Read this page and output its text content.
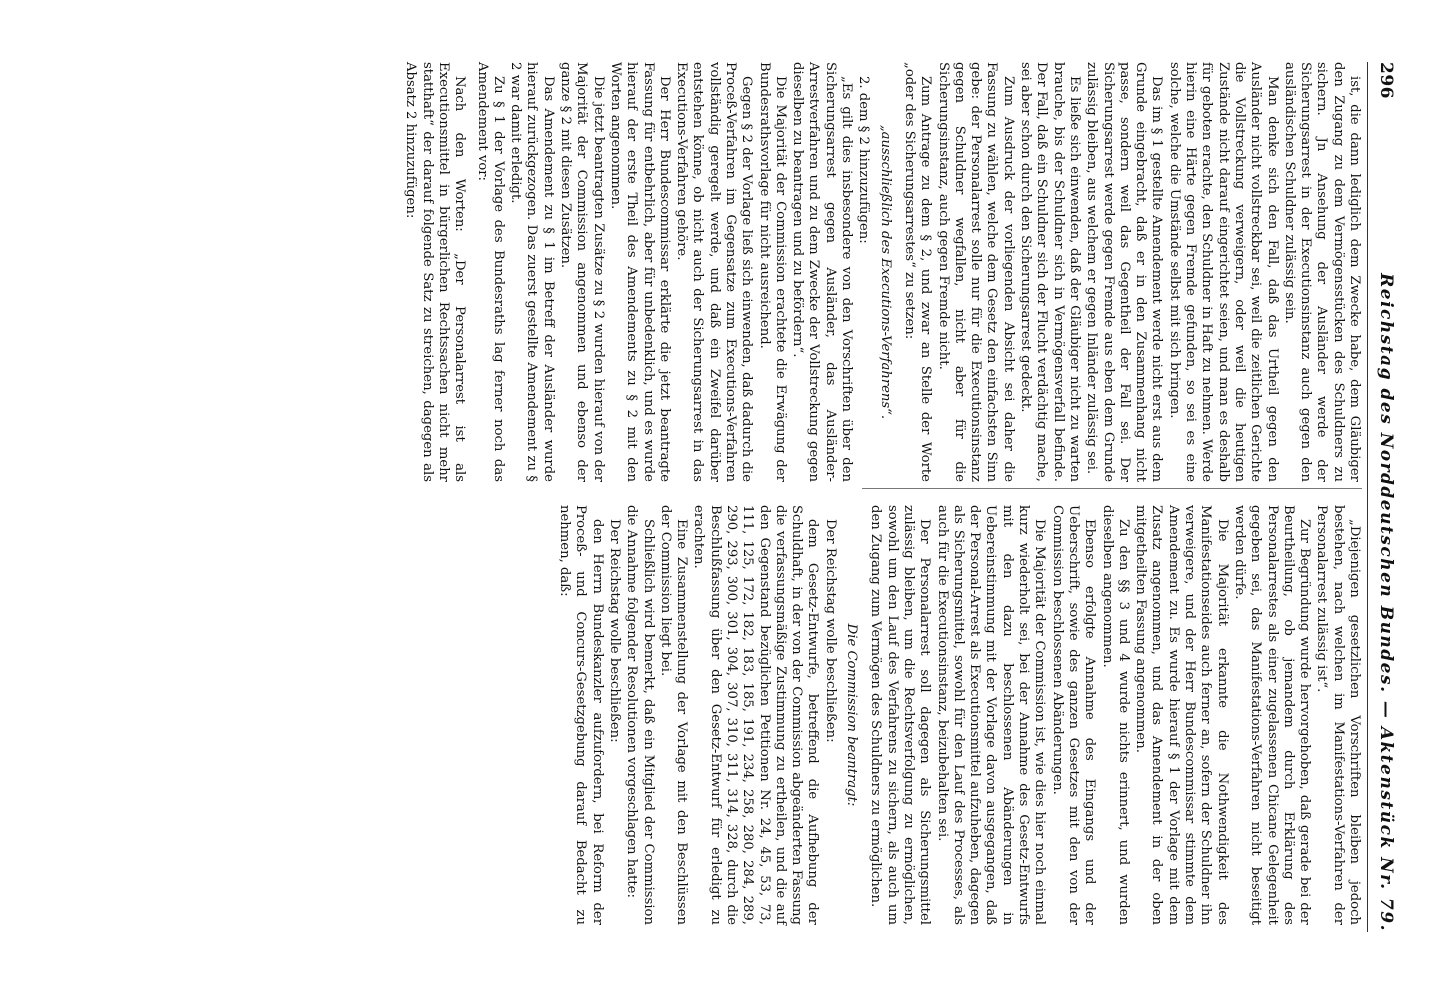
296
Reichstag des Norddeutschen Bundes. — Aktenstück Nr. 79.

ist, die dann lediglich dem Zwecke habe, dem Gläubiger den Zugang zu dem Vermögensstücken des Schuldners zu sichern. Jn Ansehung der Ausländer werde der Sicherungsarrest in der Executionsinstanz auch gegen den ausländischen Schuldner zulässig sein.

Man denke sich den Fall, daß das Urtheil gegen den Ausländer nicht vollstreckbar sei, weil die zeitlichen Gerichte die Vollstreckung verweigern, oder weil die heutigen Zustände nicht darauf eingerichtet seien, und man es deshalb für geboten erachte, den Schuldner in Haft zu nehmen. Werde hierin eine Härte gegen Fremde gefunden, so sei es eine solche, welche die Umstände selbst mit sich bringen.

Das im § 1 gestellte Amendement werde nicht erst aus dem Grunde eingebracht, daß er in den Zusammenhang nicht passe, sondern weil das Gegentheil der Fall sei. Der Sicherungsarrest werde gegen Fremde aus eben dem Grunde zulässig bleiben, aus welchem er gegen Inländer zulässig sei.

Es ließe sich einwenden, daß der Gläubiger nicht zu warten brauche, bis der Schuldner sich in Vermögensverfall befinde. Der Fall, daß ein Schuldner sich der Flucht verdächtig mache, sei aber schon durch den Sicherungsarrest gedeckt.

Zum Ausdruck der vorliegenden Absicht sei daher die Fassung zu wählen, welche dem Gesetz den einfachsten Sinn gebe: der Personalarrest solle nur für die Executionsinstanz gegen Schuldner wegfallen, nicht aber für die Sicherungsinstanz, auch gegen Fremde nicht.

Zum Antrage zu dem § 2, und zwar an Stelle der Worte „oder des Sicherungsarrestes“ zu setzen:

„ausschließlich des Executions-Verfahrens“.

2. dem § 2 hinzuzufügen:

„Es gilt dies insbesondere von den Vorschriften über den Sicherungsarrest gegen Ausländer, das Ausländer-Arrestverfahren und zu dem Zwecke der Vollstreckung gegen dieselben zu beantragen und zu befördern“.

Die Majorität der Commission erachtete die Erwägung der Bundesrathsvorlage für nicht ausreichend.

Gegen § 2 der Vorlage ließ sich einwenden, daß dadurch die Proceß-Verfahren im Gegensatze zum Executions-Verfahren vollständig geregelt werde, und daß ein Zweifel darüber entstehen könne, ob nicht auch der Sicherungsarrest in das Executions-Verfahren gehöre.

Der Herr Bundescommissar erklärte die jetzt beantragte Fassung für entbehrlich, aber für unbedenklich, und es wurde hierauf der erste Theil des Amendements zu § 2 mit den Worten angenommen.

Die jetzt beantragten Zusätze zu § 2 wurden hierauf von der Majorität der Commission angenommen und ebenso der ganze § 2 mit diesen Zusätzen.

Das Amendement zu § 1 im Betreff der Ausländer wurde hierauf zurückgezogen. Das zuerst gestellte Amendement zu § 2 war damit erledigt.

Zu § 1 der Vorlage des Bundesraths lag ferner noch das Amendement vor:

Nach den Worten: „Der Personalarrest ist als Executionsmittel in bürgerlichen Rechtssachen nicht mehr statthaft“ der darauf folgende Satz zu streichen, dagegen als Absatz 2 hinzuzufügen:

„Diejenigen gesetzlichen Vorschriften bleiben jedoch bestehen, nach welchen im Manifestations-Verfahren der Personalarrest zulässig ist“.

Zur Begründung wurde hervorgehoben, daß gerade bei der Beurtheilung, ob jemandem durch Erklärung des Personalarrestes als einer zugelassenen Chicane Gelegenheit gegeben sei, das Manifestations-Verfahren nicht beseitigt werden dürfe.

Die Majorität erkannte die Nothwendigkeit des Manifestationseides auch ferner an, sofern der Schuldner ihn verweigere, und der Herr Bundescommissar stimmte dem Amendement zu. Es wurde hierauf § 1 der Vorlage mit dem Zusatz angenommen, und das Amendement in der oben mitgetheilten Fassung angenommen.

Zu den §§ 3 und 4 wurde nichts erinnert, und wurden dieselben angenommen.

Ebenso erfolgte Annahme des Eingangs und der Ueberschrift, sowie des ganzen Gesetzes mit den von der Commission beschlossenen Abänderungen.

Die Majorität der Commission ist, wie dies hier noch einmal kurz wiederholt sei, bei der Annahme des Gesetz-Entwurfs mit den dazu beschlossenen Abänderungen in Uebereinstimmung mit der Vorlage davon ausgegangen, daß der Personal-Arrest als Executionsmittel aufzuheben, dagegen als Sicherungsmittel, sowohl für den Lauf des Processes, als auch für die Executionsinstanz, beizubehalten sei.

Der Personalarrest soll dagegen als Sicherungsmittel zulässig bleiben, um die Rechtsverfolgung zu ermöglichen, sowohl um den Lauf des Verfahrens zu sichern, als auch um den Zugang zum Vermögen des Schuldners zu ermöglichen.

Die Commission beantragt:

Der Reichstag wolle beschließen:

dem Gesetz-Entwurfe, betreffend die Aufhebung der Schuldhaft, in der von der Commission abgeänderten Fassung die verfassungsmäßige Zustimmung zu ertheilen, und die auf den Gegenstand bezüglichen Petitionen Nr. 24, 45, 53, 73, 111, 125, 172, 182, 183, 185, 191, 234, 258, 280, 284, 289, 290, 293, 300, 301, 304, 307, 310, 311, 314, 328, durch die Beschlußfassung über den Gesetz-Entwurf für erledigt zu erachten.

Eine Zusammenstellung der Vorlage mit den Beschlüssen der Commission liegt bei.

Schließlich wird bemerkt, daß ein Mitglied der Commission die Annahme folgender Resolutionen vorgeschlagen hatte:

Der Reichstag wolle beschließen:

den Herrn Bundeskanzler aufzufordern, bei Reform der Proceß- und Concurs-Gesetzgebung darauf Bedacht zu nehmen, daß:
